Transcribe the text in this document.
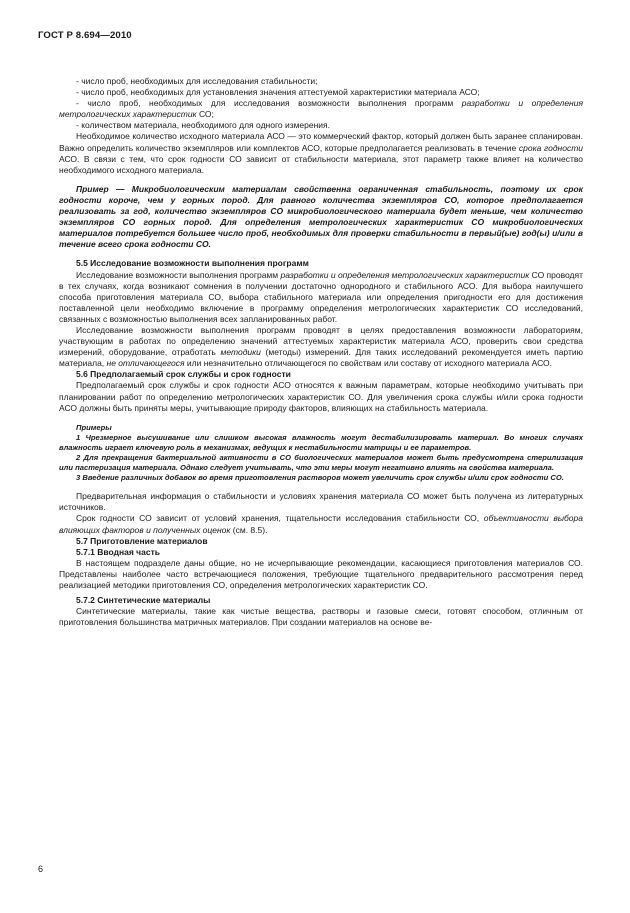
ГОСТ Р 8.694—2010

- число проб, необходимых для исследования стабильности;

- число проб, необходимых для установления значения аттестуемой характеристики материала АСО;

- число проб, необходимых для исследования возможности выполнения программ разработки и определения метрологических характеристик СО;

- количеством материала, необходимого для одного измерения.

Необходимое количество исходного материала АСО — это коммерческий фактор, который должен быть заранее спланирован. Важно определить количество экземпляров или комплектов АСО, которые предполагается реализовать в течение срока годности АСО. В связи с тем, что срок годности СО зависит от стабильности материала, этот параметр также влияет на количество необходимого исходного материала.

Пример — Микробиологическим материалам свойственна ограниченная стабильность, поэтому их срок годности короче, чем у горных пород. Для равного количества экземпляров СО, которое предполагается реализовать за год, количество экземпляров СО микробиологического материала будет меньше, чем количество экземпляров СО горных пород. Для определения метрологических характеристик СО микробиологических материалов потребуется большее число проб, необходимых для проверки стабильности в первый(ые) год(ы) и/или в течение всего срока годности СО.

5.5 Исследование возможности выполнения программ

Исследование возможности выполнения программ разработки и определения метрологических характеристик СО проводят в тех случаях, когда возникают сомнения в получении достаточно однородного и стабильного АСО. Для выбора наилучшего способа приготовления материала СО, выбора стабильного материала или определения пригодности его для достижения поставленной цели необходимо включение в программу определения метрологических характеристик СО исследований, связанных с возможностью выполнения всех запланированных работ.

Исследование возможности выполнения программ проводят в целях предоставления возможности лабораториям, участвующим в работах по определению значений аттестуемых характеристик материала АСО, проверить свои средства измерений, оборудование, отработать методики (методы) измерений. Для таких исследований рекомендуется иметь партию материала, не отличающегося или незначительно отличающегося по свойствам или составу от исходного материала АСО.

5.6 Предполагаемый срок службы и срок годности

Предполагаемый срок службы и срок годности АСО относятся к важным параметрам, которые необходимо учитывать при планировании работ по определению метрологических характеристик СО. Для увеличения срока службы и/или срока годности АСО должны быть приняты меры, учитывающие природу факторов, влияющих на стабильность материала.

Примеры

1 Чрезмерное высушивание или слишком высокая влажность могут дестабилизировать материал. Во многих случаях влажность играет ключевую роль в механизмах, ведущих к нестабильности матрицы и ее параметров.

2 Для прекращения бактериальной активности в СО биологических материалов может быть предусмотрена стерилизация или пастеризация материала. Однако следует учитывать, что эти меры могут негативно влиять на свойства материала.

3 Введение различных добавок во время приготовления растворов может увеличить срок службы и/или срок годности СО.

Предварительная информация о стабильности и условиях хранения материала СО может быть получена из литературных источников.

Срок годности СО зависит от условий хранения, тщательности исследования стабильности СО, объективности выбора влияющих факторов и полученных оценок (см. 8.5).

5.7 Приготовление материалов

5.7.1 Вводная часть

В настоящем подразделе даны общие, но не исчерпывающие рекомендации, касающиеся приготовления материалов СО. Представлены наиболее часто встречающиеся положения, требующие тщательного предварительного рассмотрения перед реализацией методики приготовления СО, определения метрологических характеристик СО.

5.7.2 Синтетические материалы

Синтетические материалы, такие как чистые вещества, растворы и газовые смеси, готовят способом, отличным от приготовления большинства матричных материалов. При создании материалов на основе ве-

6
